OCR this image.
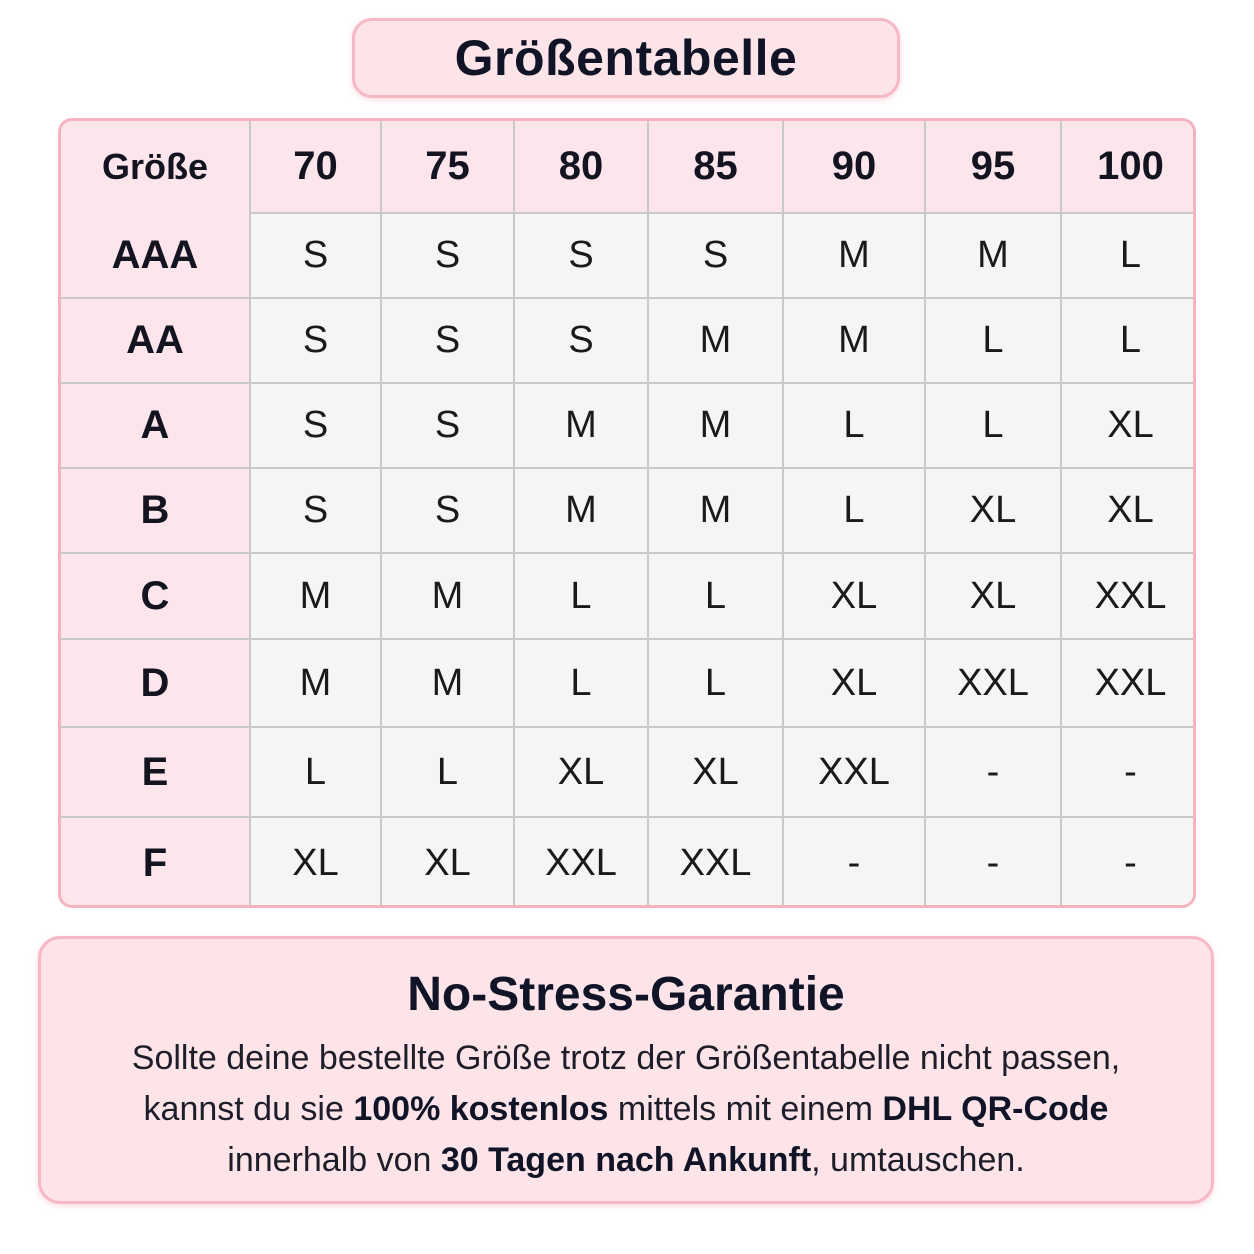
Größentabelle
Größe	70	75	80	85	90	95	100
AAA	S	S	S	S	M	M	L
AA	S	S	S	M	M	L	L
A	S	S	M	M	L	L	XL
B	S	S	M	M	L	XL	XL
C	M	M	L	L	XL	XL	XXL
D	M	M	L	L	XL	XXL	XXL
E	L	L	XL	XL	XXL	-	-
F	XL	XL	XXL	XXL	-	-	-
No-Stress-Garantie

Sollte deine bestellte Größe trotz der Größentabelle nicht passen,
kannst du sie 100% kostenlos mittels mit einem DHL QR-Code
innerhalb von 30 Tagen nach Ankunft, umtauschen.
